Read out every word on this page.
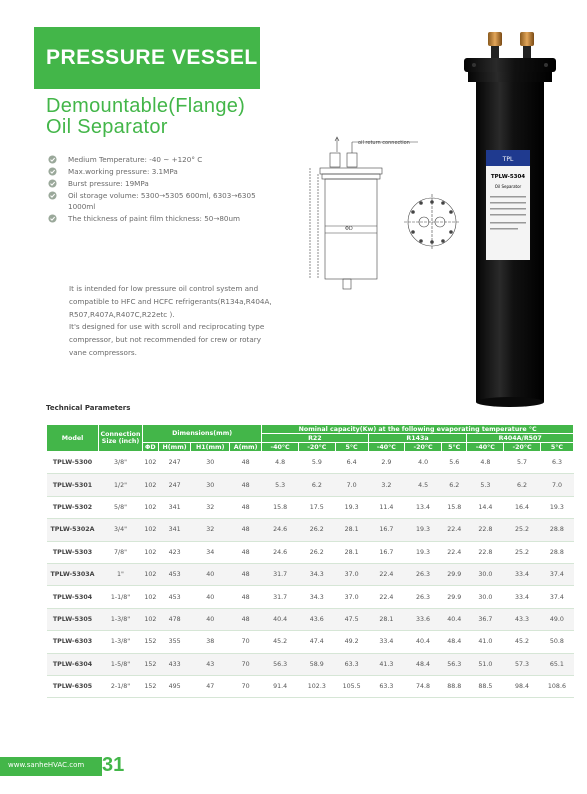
PRESSURE VESSEL
Demountable(Flange)
Oil Separator
Medium Temperature: -40 ~ +120° C
Max.working pressure: 3.1MPa
Burst pressure: 19MPa
Oil storage volume: 5300→5305 600ml, 6303→6305
1000ml
The thickness of paint film thickness: 50→80um
It is intended for low pressure oil control system and
compatible to HFC and HCFC refrigerants(R134a,R404A,
R507,R407A,R407C,R22etc ).
It's designed for use with scroll and reciprocating type
compressor, but not recommended for crew or rotary
vane compressors.
oil return connection
ΦD
TPL
TPLW-5304
Oil Separator
Technical Parameters
Model	Connection Size (inch)	Dimensions(mm)				Nominal capacity(Kw) at the following evaporating temperature °C								
						R22			R143a			R404A/R507		
		ΦD	H(mm)	H1(mm)	A(mm)	-40°C	-20°C	5°C	-40°C	-20°C	5°C	-40°C	-20°C	5°C
TPLW-5300	3/8"	102	247	30	48	4.8	5.9	6.4	2.9	4.0	5.6	4.8	5.7	6.3
TPLW-5301	1/2"	102	247	30	48	5.3	6.2	7.0	3.2	4.5	6.2	5.3	6.2	7.0
TPLW-5302	5/8"	102	341	32	48	15.8	17.5	19.3	11.4	13.4	15.8	14.4	16.4	19.3
TPLW-5302A	3/4"	102	341	32	48	24.6	26.2	28.1	16.7	19.3	22.4	22.8	25.2	28.8
TPLW-5303	7/8"	102	423	34	48	24.6	26.2	28.1	16.7	19.3	22.4	22.8	25.2	28.8
TPLW-5303A	1"	102	453	40	48	31.7	34.3	37.0	22.4	26.3	29.9	30.0	33.4	37.4
TPLW-5304	1-1/8"	102	453	40	48	31.7	34.3	37.0	22.4	26.3	29.9	30.0	33.4	37.4
TPLW-5305	1-3/8"	102	478	40	48	40.4	43.6	47.5	28.1	33.6	40.4	36.7	43.3	49.0
TPLW-6303	1-3/8"	152	355	38	70	45.2	47.4	49.2	33.4	40.4	48.4	41.0	45.2	50.8
TPLW-6304	1-5/8"	152	433	43	70	56.3	58.9	63.3	41.3	48.4	56.3	51.0	57.3	65.1
TPLW-6305	2-1/8"	152	495	47	70	91.4	102.3	105.5	63.3	74.8	88.8	88.5	98.4	108.6
www.sanheHVAC.com 31
